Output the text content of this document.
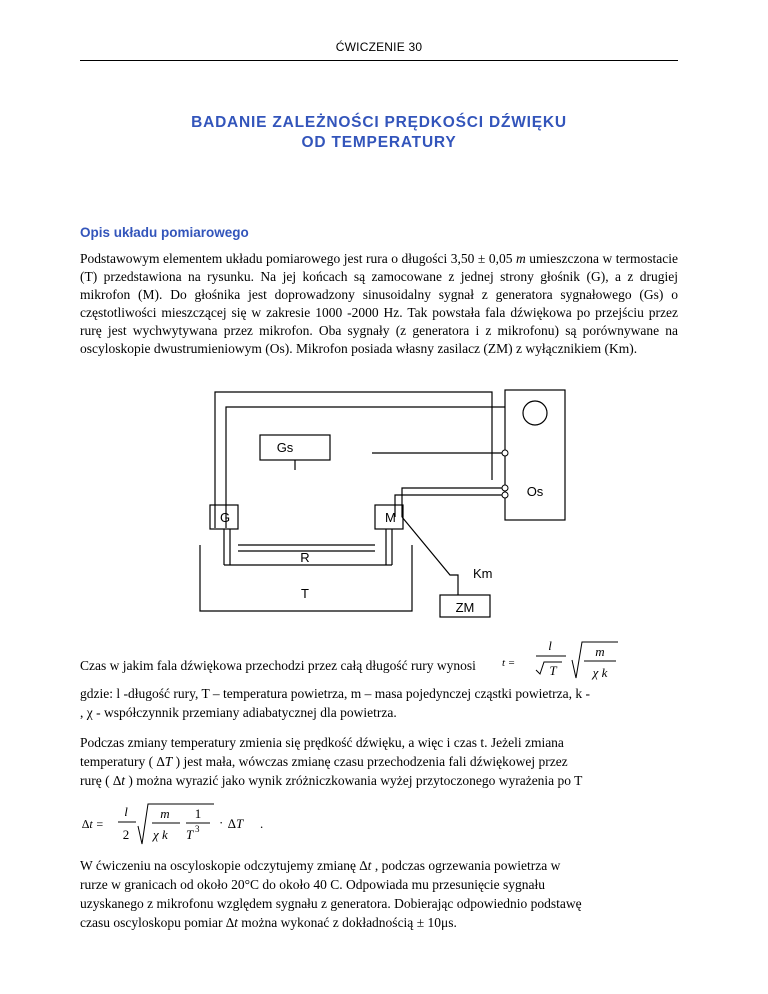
ĆWICZENIE 30
BADANIE ZALEŻNOŚCI PRĘDKOŚCI DŹWIĘKU
OD TEMPERATURY
Opis układu pomiarowego
Podstawowym elementem układu pomiarowego jest rura o długości 3,50 ± 0,05 m umieszczona w termostacie (T) przedstawiona na rysunku. Na jej końcach są zamocowane z jednej strony głośnik (G), a z drugiej mikrofon (M). Do głośnika jest doprowadzony sinusoidalny sygnał z generatora sygnałowego (Gs) o częstotliwości mieszczącej się w zakresie 1000 -2000 Hz. Tak powstała fala dźwiękowa po przejściu przez rurę jest wychwytywana przez mikrofon. Oba sygnały (z generatora i z mikrofonu) są porównywane na oscyloskopie dwustrumieniowym (Os). Mikrofon posiada własny zasilacz (ZM) z wyłącznikiem (Km).
Gs
Os
G	M
R
Km
T
ZM
Czas w jakim fala dźwiękowa przechodzi przez całą długość rury wynosi t =
l
T
m
χ k
gdzie: l -długość rury, T – temperatura powietrza, m – masa pojedynczej cząstki powietrza, k -
, χ - współczynnik przemiany adiabatycznej dla powietrza.
Podczas zmiany temperatury zmienia się prędkość dźwięku, a więc i czas t. Jeżeli zmiana
temperatury ( ∆T ) jest mała, wówczas zmianę czasu przechodzenia fali dźwiękowej przez
rurę ( ∆t ) można wyrazić jako wynik zróżniczkowania wyżej przytoczonego wyrażenia po T
∆t =
l
2
m 1
χ k T 3 · ∆T .
W ćwiczeniu na oscyloskopie odczytujemy zmianę ∆t , podczas ogrzewania powietrza w
rurze w granicach od około 20°C do około 40 C. Odpowiada mu przesunięcie sygnału
uzyskanego z mikrofonu względem sygnału z generatora. Dobierając odpowiednio podstawę
czasu oscyloskopu pomiar ∆t można wykonać z dokładnością ± 10μs.
